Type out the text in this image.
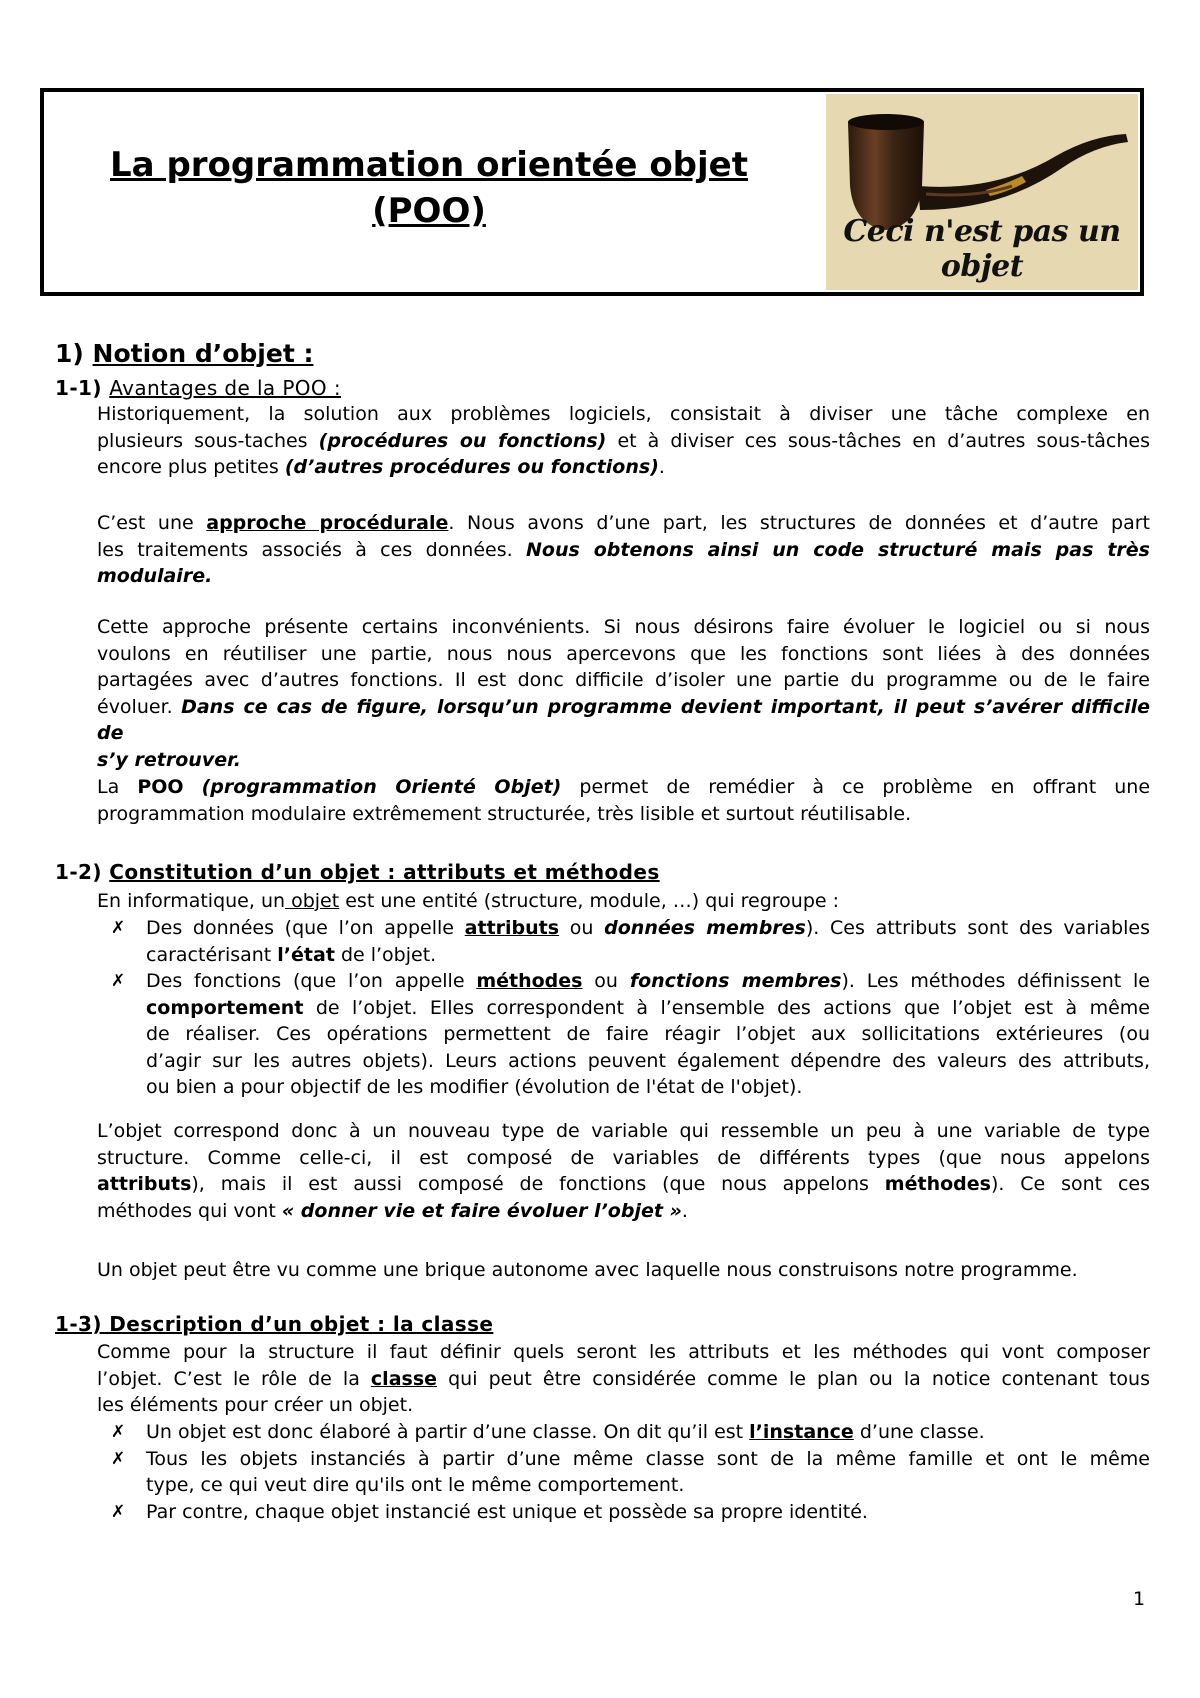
La programmation orientée objet
(POO)
Ceci n'est pas un objet
1) Notion d’objet :
1-1) Avantages de la POO :
Historiquement, la solution aux problèmes logiciels, consistait à diviser une tâche complexe en
plusieurs sous-taches (procédures ou fonctions) et à diviser ces sous-tâches en d’autres sous-tâches
encore plus petites (d’autres procédures ou fonctions).
C’est une approche procédurale. Nous avons d’une part, les structures de données et d’autre part
les traitements associés à ces données. Nous obtenons ainsi un code structuré mais pas très
modulaire.
Cette approche présente certains inconvénients. Si nous désirons faire évoluer le logiciel ou si nous
voulons en réutiliser une partie, nous nous apercevons que les fonctions sont liées à des données
partagées avec d’autres fonctions. Il est donc difficile d’isoler une partie du programme ou de le faire
évoluer. Dans ce cas de figure, lorsqu’un programme devient important, il peut s’avérer difficile de
s’y retrouver.
La POO (programmation Orienté Objet) permet de remédier à ce problème en offrant une
programmation modulaire extrêmement structurée, très lisible et surtout réutilisable.
1-2) Constitution d’un objet : attributs et méthodes
En informatique, un objet est une entité (structure, module, …) qui regroupe :
✗ Des données (que l’on appelle attributs ou données membres). Ces attributs sont des variables
caractérisant l’état de l’objet.
✗ Des fonctions (que l’on appelle méthodes ou fonctions membres). Les méthodes définissent le
comportement de l’objet. Elles correspondent à l’ensemble des actions que l’objet est à même
de réaliser. Ces opérations permettent de faire réagir l’objet aux sollicitations extérieures (ou
d’agir sur les autres objets). Leurs actions peuvent également dépendre des valeurs des attributs,
ou bien a pour objectif de les modifier (évolution de l'état de l'objet).
L’objet correspond donc à un nouveau type de variable qui ressemble un peu à une variable de type
structure. Comme celle-ci, il est composé de variables de différents types (que nous appelons
attributs), mais il est aussi composé de fonctions (que nous appelons méthodes). Ce sont ces
méthodes qui vont « donner vie et faire évoluer l’objet ».
Un objet peut être vu comme une brique autonome avec laquelle nous construisons notre programme.
1-3) Description d’un objet : la classe
Comme pour la structure il faut définir quels seront les attributs et les méthodes qui vont composer
l’objet. C’est le rôle de la classe qui peut être considérée comme le plan ou la notice contenant tous
les éléments pour créer un objet.
✗ Un objet est donc élaboré à partir d’une classe. On dit qu’il est l’instance d’une classe.
✗ Tous les objets instanciés à partir d’une même classe sont de la même famille et ont le même
type, ce qui veut dire qu'ils ont le même comportement.
✗ Par contre, chaque objet instancié est unique et possède sa propre identité.
1
